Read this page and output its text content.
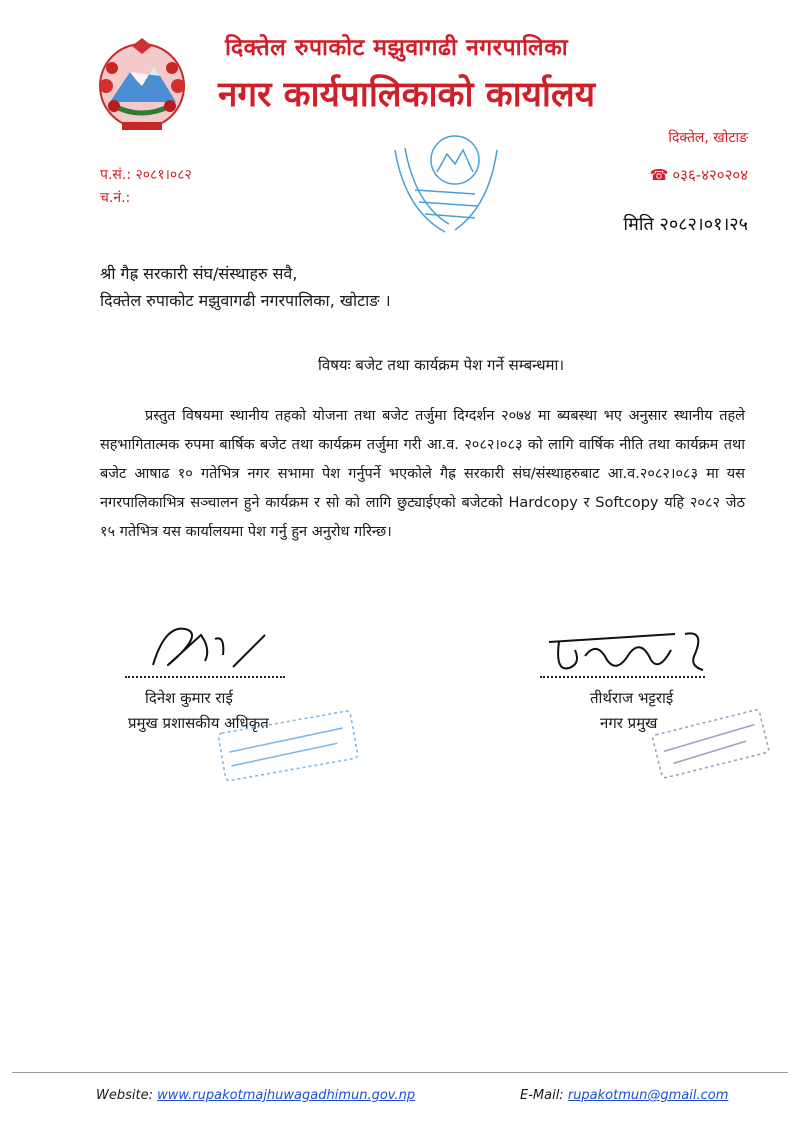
दिक्तेल रुपाकोट मझुवागढी नगरपालिका
नगर कार्यपालिकाको कार्यालय
दिक्तेल, खोटाङ
☎ ०३६-४२०२०४
प.सं.: २०८१।०८२
च.नं.:
मिति २०८२।०१।२५
श्री गैह्र सरकारी संघ/संस्थाहरु सवै,
दिक्तेल रुपाकोट मझुवागढी नगरपालिका, खोटाङ ।
विषयः बजेट तथा कार्यक्रम पेश गर्ने सम्बन्धमा।

प्रस्तुत विषयमा स्थानीय तहको योजना तथा बजेट तर्जुमा दिग्दर्शन २०७४ मा ब्यबस्था भए अनुसार स्थानीय तहले सहभागितात्मक रुपमा बार्षिक बजेट तथा कार्यक्रम तर्जुमा गरी आ.व. २०८२।०८३ को लागि वार्षिक नीति तथा कार्यक्रम तथा बजेट आषाढ १० गतेभित्र नगर सभामा पेश गर्नुपर्ने भएकोले गैह्र सरकारी संघ/संस्थाहरुबाट आ.व.२०८२।०८३ मा यस नगरपालिकाभित्र सञ्चालन हुने कार्यक्रम र सो को लागि छुट्याईएको बजेटको Hardcopy र Softcopy यहि २०८२ जेठ १५ गतेभित्र यस कार्यालयमा पेश गर्नु हुन अनुरोध गरिन्छ।

दिनेश कुमार राई
प्रमुख प्रशासकीय अधिकृत
तीर्थराज भट्टराई
नगर प्रमुख
Website: www.rupakotmajhuwagadhimun.gov.np	E-Mail: rupakotmun@gmail.com
